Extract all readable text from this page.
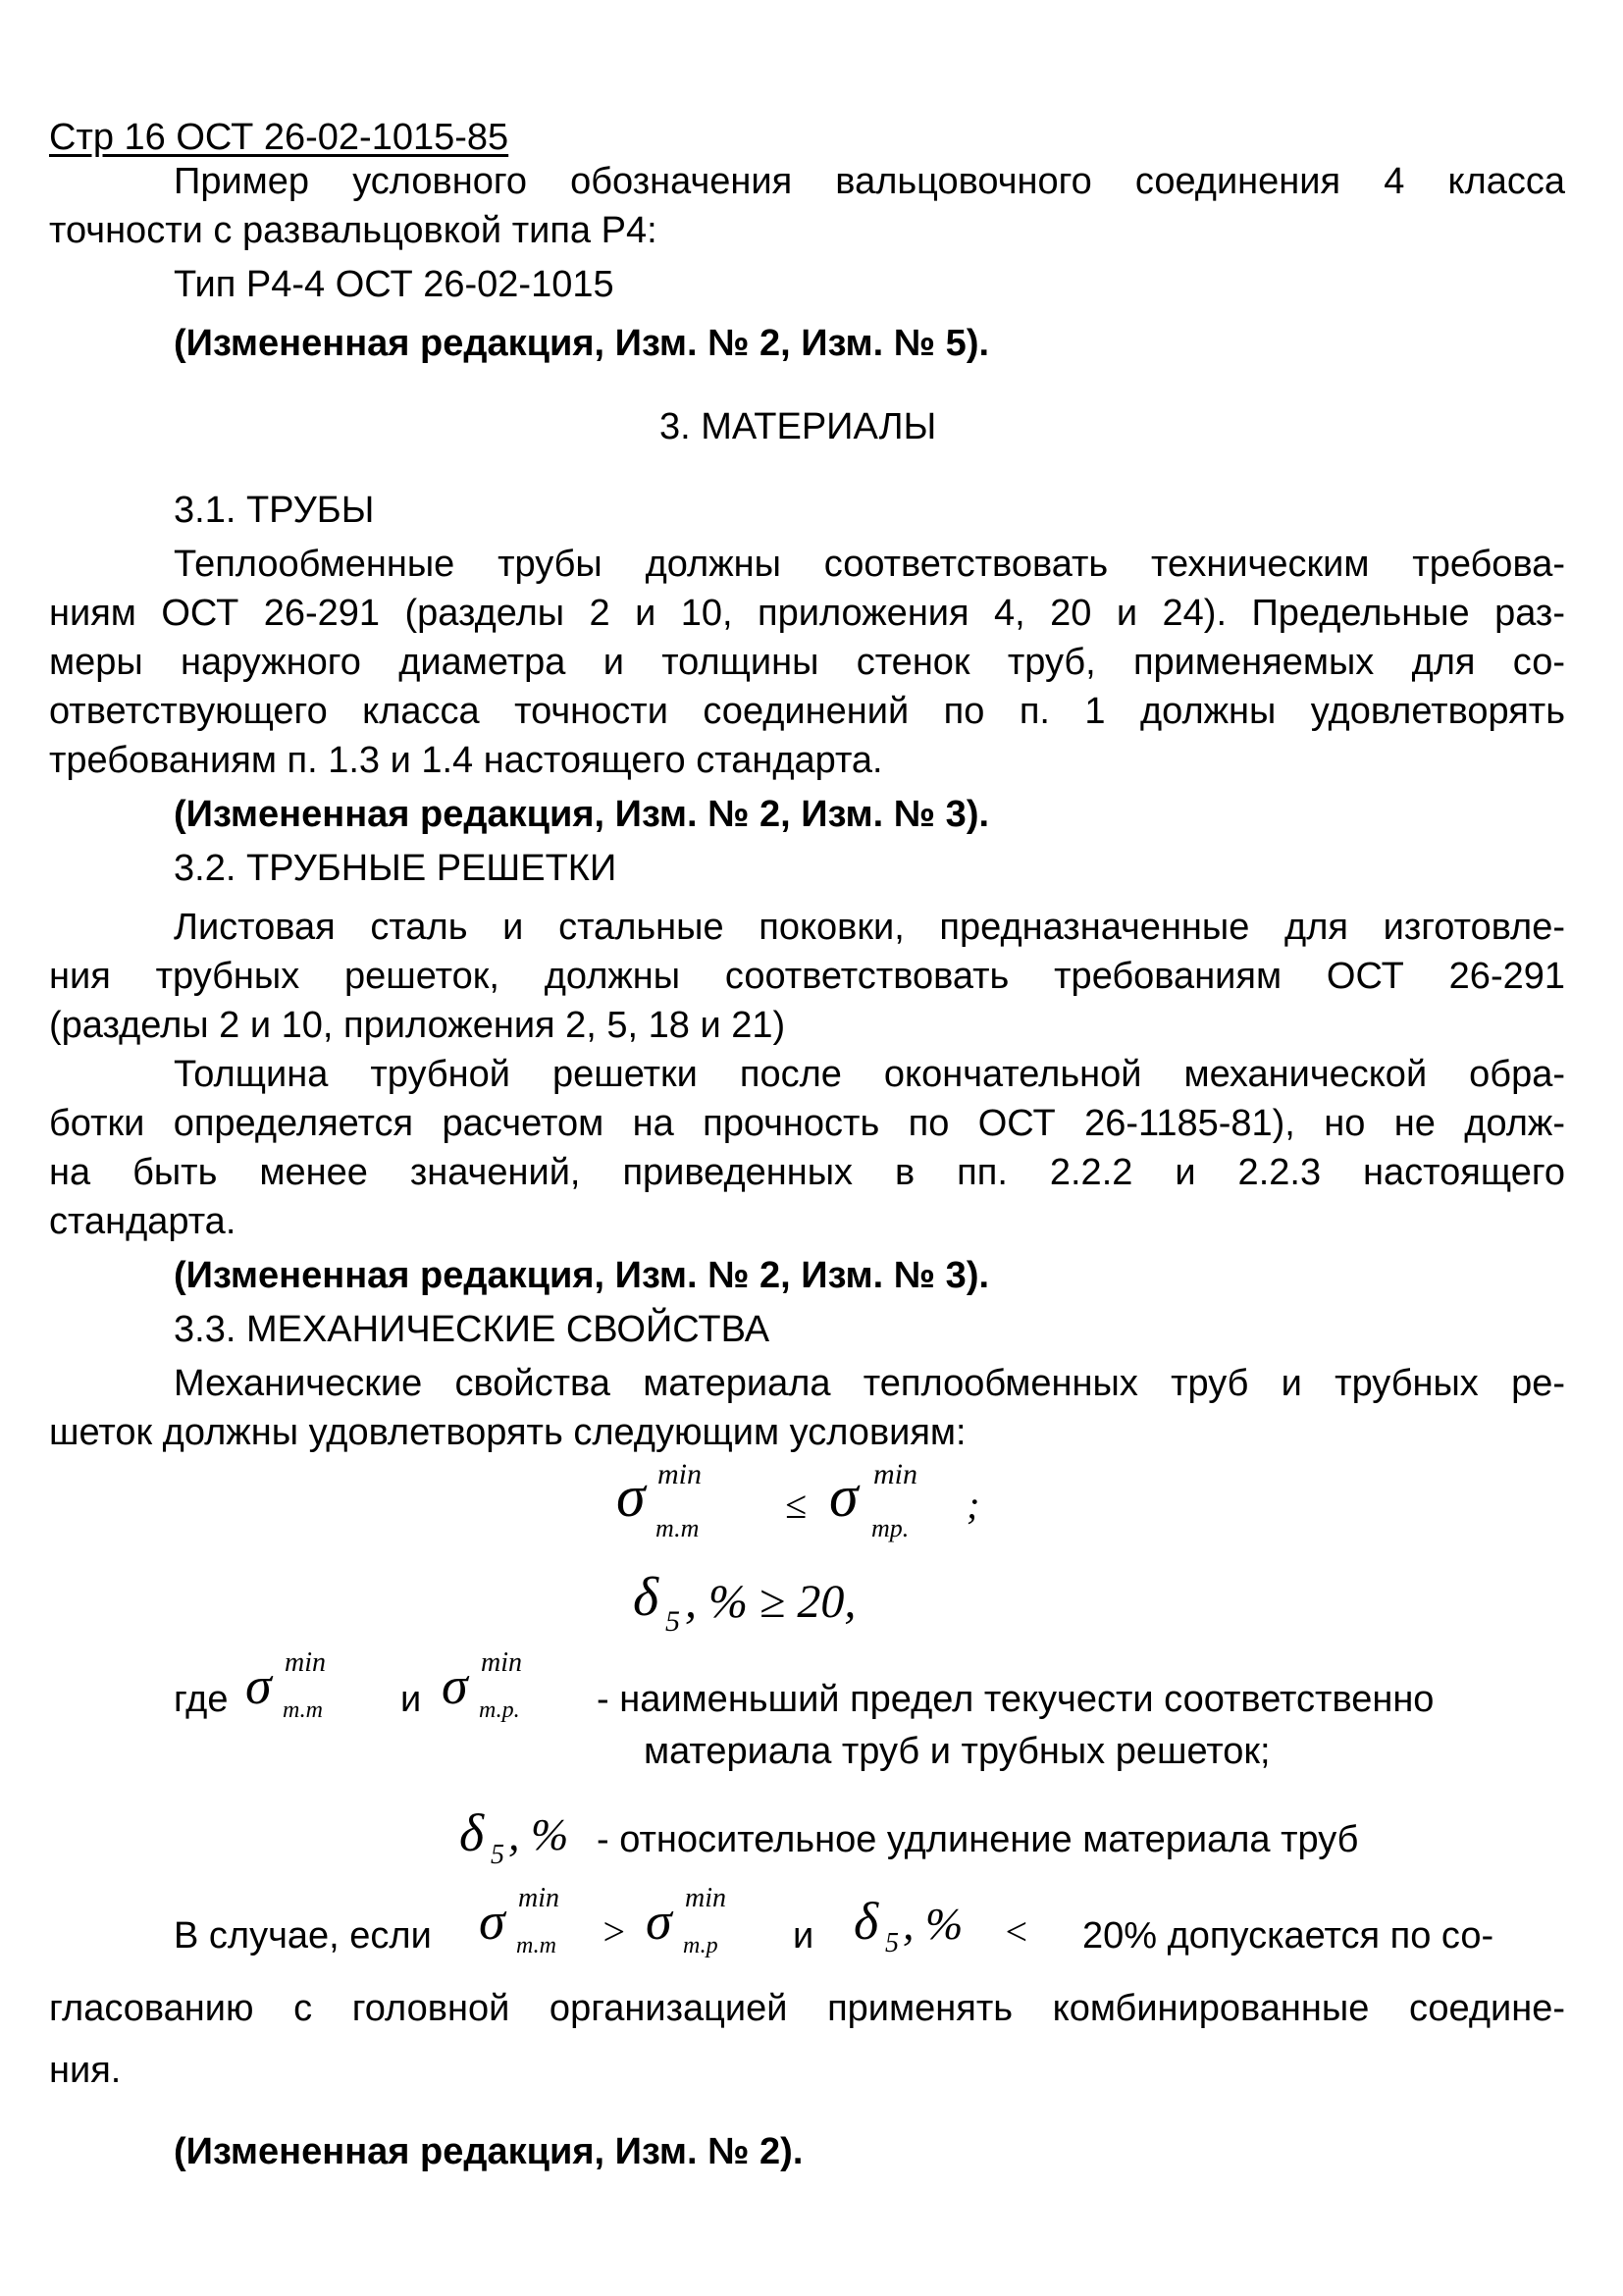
Стр 16 ОСТ 26-02-1015-85
Пример условного обозначения вальцовочного соединения 4 класса
точности с развальцовкой типа Р4:
Тип Р4-4 ОСТ 26-02-1015
(Измененная редакция, Изм. № 2, Изм. № 5).
3. МАТЕРИАЛЫ
3.1. ТРУБЫ
Теплообменные трубы должны соответствовать техническим требова-
ниям ОСТ 26-291 (разделы 2 и 10, приложения 4, 20 и 24). Предельные раз-
меры наружного диаметра и толщины стенок труб, применяемых для со-
ответствующего класса точности соединений по п. 1 должны удовлетворять
требованиям п. 1.3 и 1.4 настоящего стандарта.
(Измененная редакция, Изм. № 2, Изм. № 3).
3.2. ТРУБНЫЕ РЕШЕТКИ
Листовая сталь и стальные поковки, предназначенные для изготовле-
ния трубных решеток, должны соответствовать требованиям ОСТ 26-291
(разделы 2 и 10, приложения 2, 5, 18 и 21)
Толщина трубной решетки после окончательной механической обра-
ботки определяется расчетом на прочность по ОСТ 26-1185-81), но не долж-
на быть менее значений, приведенных в пп. 2.2.2 и 2.2.3 настоящего
стандарта.
(Измененная редакция, Изм. № 2, Изм. № 3).
3.3. МЕХАНИЧЕСКИЕ СВОЙСТВА
Механические свойства материала теплообменных труб и трубных ре-
шеток должны удовлетворять следующим условиям:
σ min
т.т
≤ σ min
тр.
;
δ 5 , % ≥ 20,
где σ min
т.т и σ min
т.р. - наименьший предел текучести соответственно
материала труб и трубных решеток;
δ 5 , % - относительное удлинение материала труб
В случае, если σ min
т.т > σ min
т.р и δ 5 , % < 20% допускается по со-
гласованию с головной организацией применять комбинированные соедине-
ния.
(Измененная редакция, Изм. № 2).
